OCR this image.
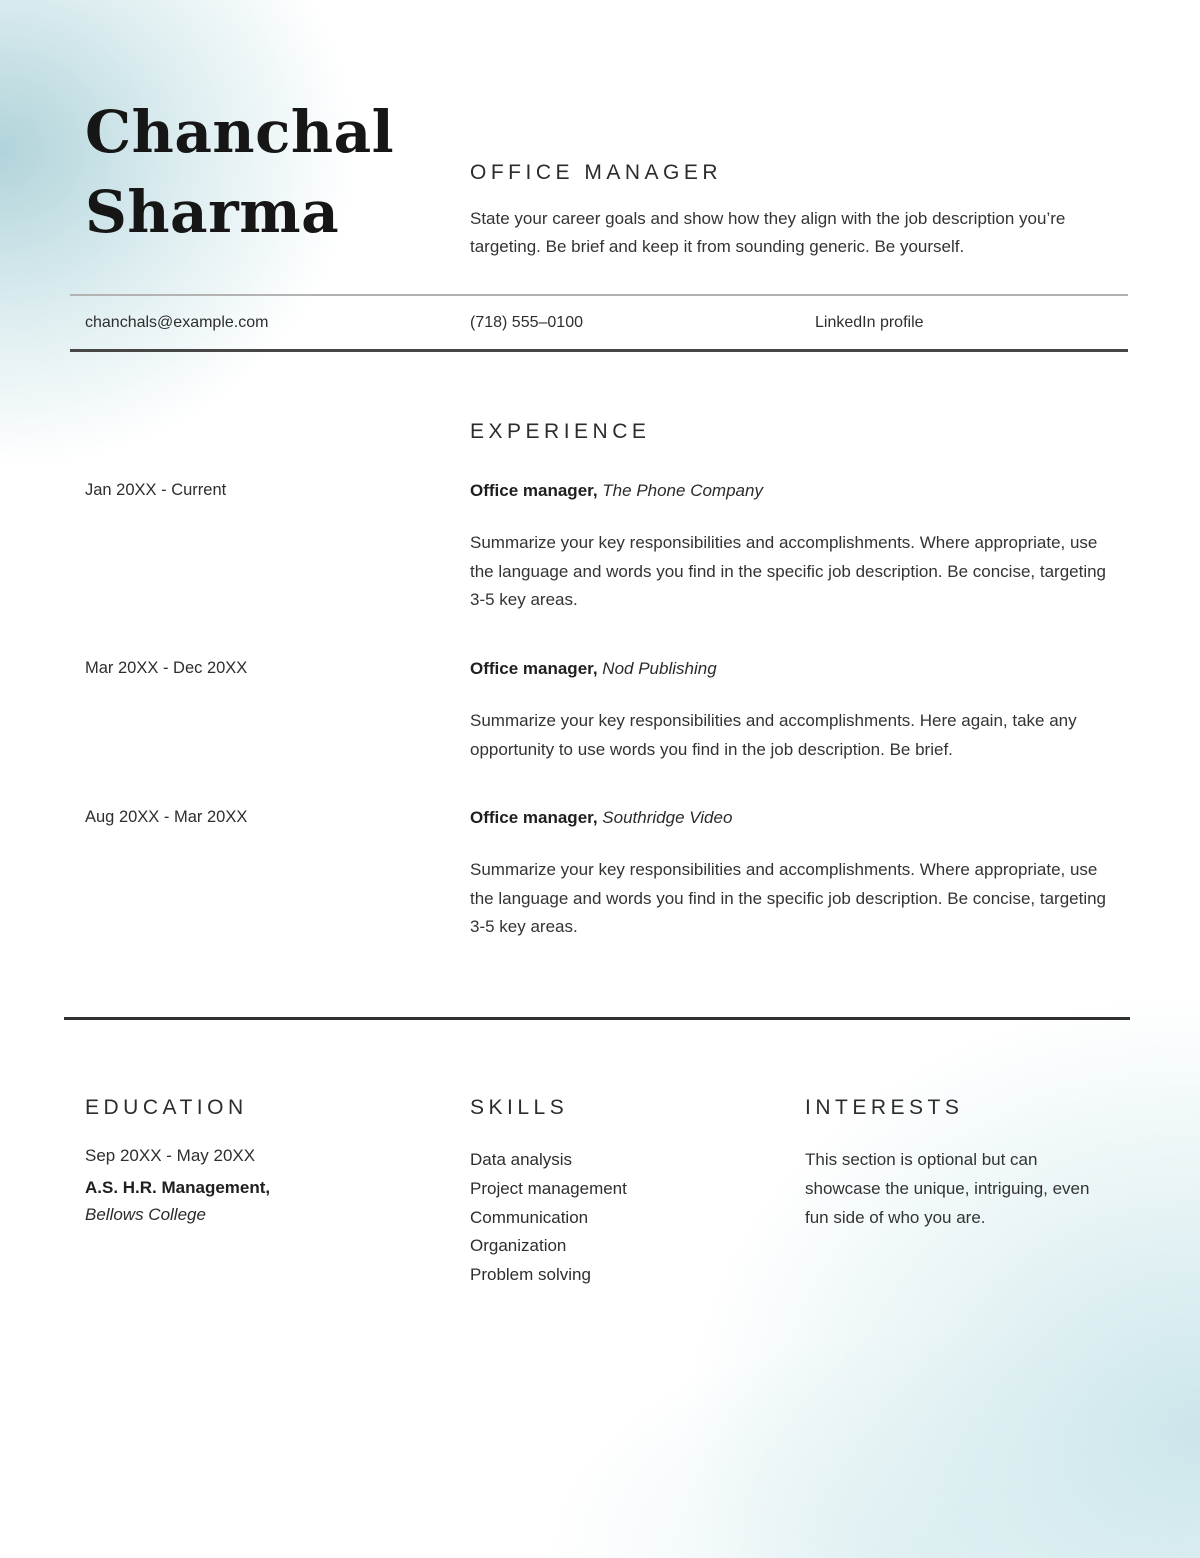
Chanchal
Sharma
OFFICE MANAGER
State your career goals and show how they align with the job description you’re targeting. Be brief and keep it from sounding generic. Be yourself.
chanchals@example.com	(718) 555–0100	LinkedIn profile
EXPERIENCE
Jan 20XX - Current	Office manager, The Phone Company
Summarize your key responsibilities and accomplishments. Where appropriate, use the language and words you find in the specific job description. Be concise, targeting 3-5 key areas.
Mar 20XX - Dec 20XX	Office manager, Nod Publishing
Summarize your key responsibilities and accomplishments. Here again, take any opportunity to use words you find in the job description. Be brief.
Aug 20XX - Mar 20XX	Office manager, Southridge Video
Summarize your key responsibilities and accomplishments. Where appropriate, use the language and words you find in the specific job description. Be concise, targeting 3-5 key areas.
EDUCATION
Sep 20XX - May 20XX
A.S. H.R. Management,
Bellows College
SKILLS
Data analysis
Project management
Communication
Organization
Problem solving
INTERESTS
This section is optional but can showcase the unique, intriguing, even fun side of who you are.
